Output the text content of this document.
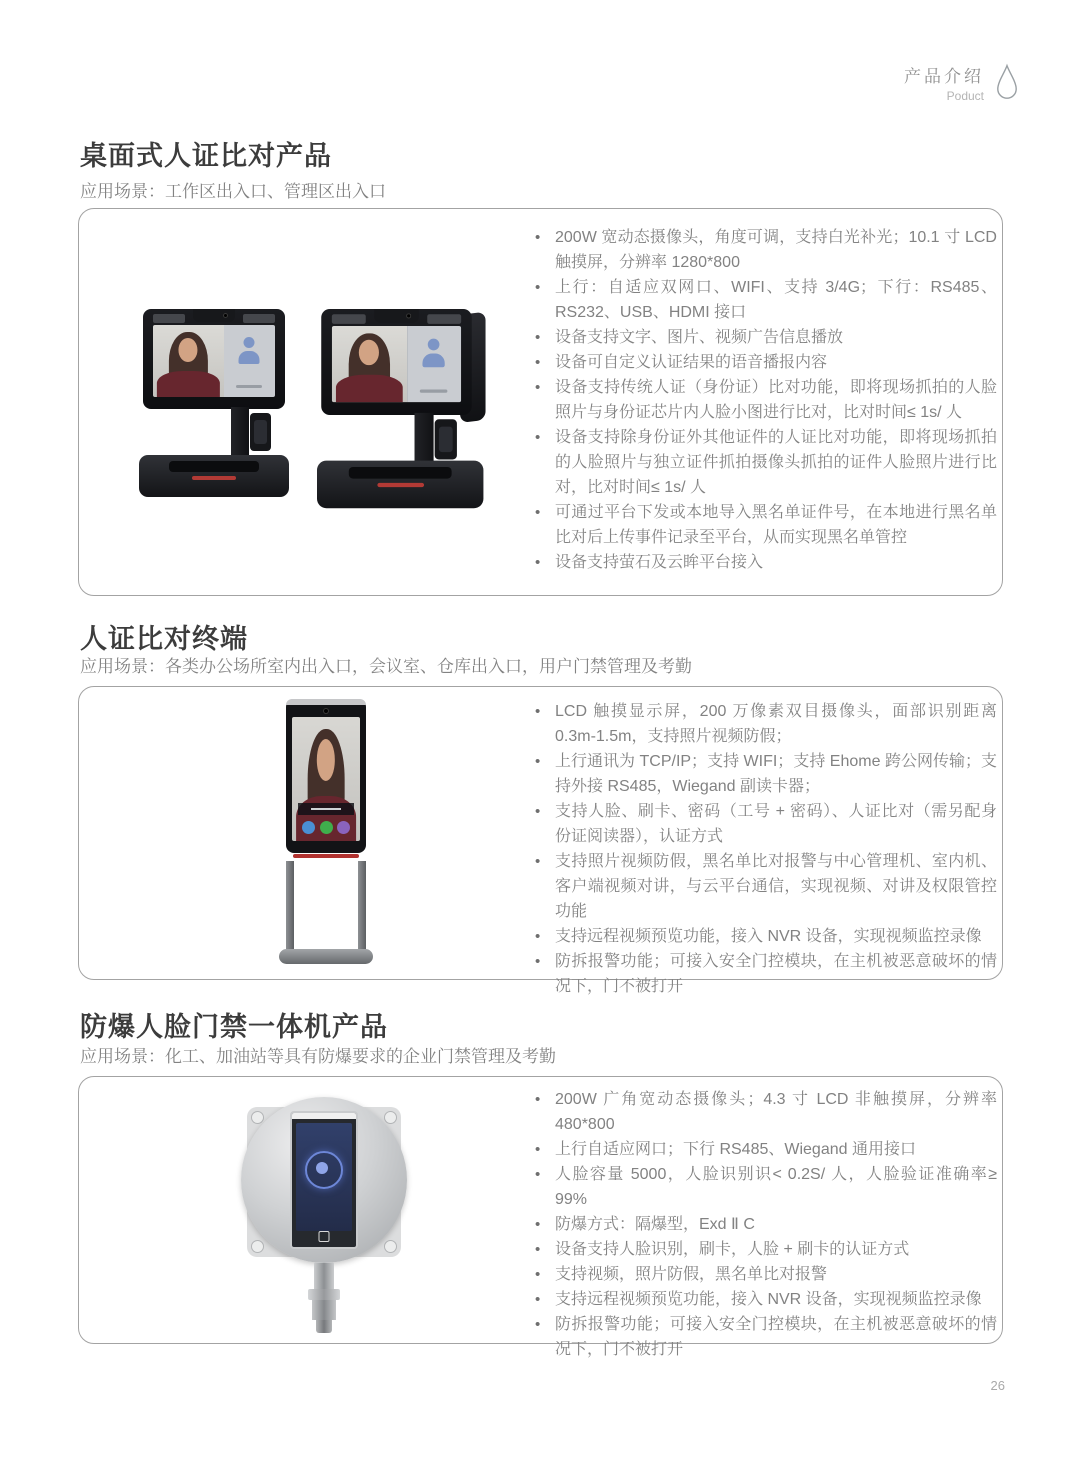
产品介绍
Poduct
桌面式人证比对产品
应用场景：工作区出入口、管理区出入口
• 200W 宽动态摄像头，角度可调，支持白光补光；10.1 寸 LCD 触摸屏，分辨率 1280*800
• 上行：自适应双网口、WIFI、支持 3/4G；下行：RS485、RS232、USB、HDMI 接口
• 设备支持文字、图片、视频广告信息播放
• 设备可自定义认证结果的语音播报内容
• 设备支持传统人证（身份证）比对功能，即将现场抓拍的人脸照片与身份证芯片内人脸小图进行比对，比对时间≤ 1s/ 人
• 设备支持除身份证外其他证件的人证比对功能，即将现场抓拍的人脸照片与独立证件抓拍摄像头抓拍的证件人脸照片进行比对，比对时间≤ 1s/ 人
• 可通过平台下发或本地导入黑名单证件号，在本地进行黑名单比对后上传事件记录至平台，从而实现黑名单管控
• 设备支持萤石及云眸平台接入
人证比对终端
应用场景：各类办公场所室内出入口，会议室、仓库出入口，用户门禁管理及考勤
• LCD 触摸显示屏，200 万像素双目摄像头，面部识别距离 0.3m-1.5m，支持照片视频防假；
• 上行通讯为 TCP/IP；支持 WIFI；支持 Ehome 跨公网传输；支持外接 RS485，Wiegand 副读卡器；
• 支持人脸、刷卡、密码（工号 + 密码）、人证比对（需另配身份证阅读器），认证方式
• 支持照片视频防假，黑名单比对报警与中心管理机、室内机、客户端视频对讲，与云平台通信，实现视频、对讲及权限管控功能
• 支持远程视频预览功能，接入 NVR 设备，实现视频监控录像
• 防拆报警功能；可接入安全门控模块，在主机被恶意破坏的情况下，门不被打开
防爆人脸门禁一体机产品
应用场景：化工、加油站等具有防爆要求的企业门禁管理及考勤
• 200W 广角宽动态摄像头；4.3 寸 LCD 非触摸屏，分辨率 480*800
• 上行自适应网口；下行 RS485、Wiegand 通用接口
• 人脸容量 5000，人脸识别识< 0.2S/ 人，人脸验证准确率≥ 99%
• 防爆方式：隔爆型，Exd Ⅱ C
• 设备支持人脸识别，刷卡，人脸 + 刷卡的认证方式
• 支持视频，照片防假，黑名单比对报警
• 支持远程视频预览功能，接入 NVR 设备，实现视频监控录像
• 防拆报警功能；可接入安全门控模块，在主机被恶意破坏的情况下，门不被打开
26
